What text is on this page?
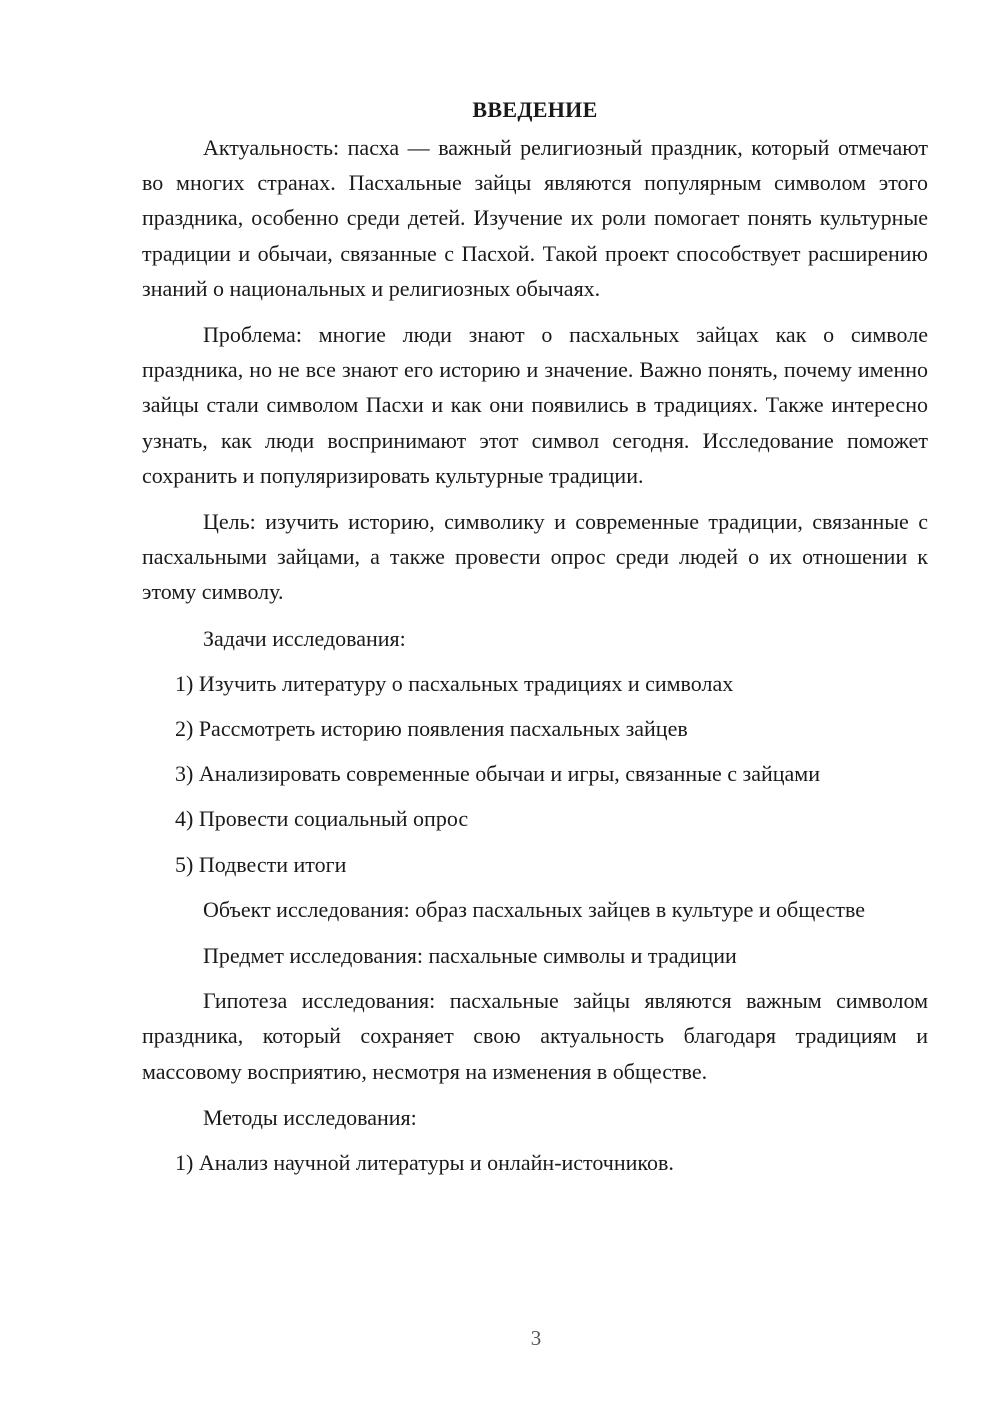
ВВЕДЕНИЕ

Актуальность: пасха — важный религиозный праздник, который отмечают во многих странах. Пасхальные зайцы являются популярным символом этого праздника, особенно среди детей. Изучение их роли помогает понять культурные традиции и обычаи, связанные с Пасхой. Такой проект способствует расширению знаний о национальных и религиозных обычаях.

Проблема: многие люди знают о пасхальных зайцах как о символе праздника, но не все знают его историю и значение. Важно понять, почему именно зайцы стали символом Пасхи и как они появились в традициях. Также интересно узнать, как люди воспринимают этот символ сегодня. Исследование поможет сохранить и популяризировать культурные традиции.

Цель: изучить историю, символику и современные традиции, связанные с пасхальными зайцами, а также провести опрос среди людей о их отношении к этому символу.

Задачи исследования:

1) Изучить литературу о пасхальных традициях и символах

2) Рассмотреть историю появления пасхальных зайцев

3) Анализировать современные обычаи и игры, связанные с зайцами

4) Провести социальный опрос

5) Подвести итоги

Объект исследования: образ пасхальных зайцев в культуре и обществе

Предмет исследования: пасхальные символы и традиции

Гипотеза исследования: пасхальные зайцы являются важным символом праздника, который сохраняет свою актуальность благодаря традициям и массовому восприятию, несмотря на изменения в обществе.

Методы исследования:

1) Анализ научной литературы и онлайн-источников.

3
